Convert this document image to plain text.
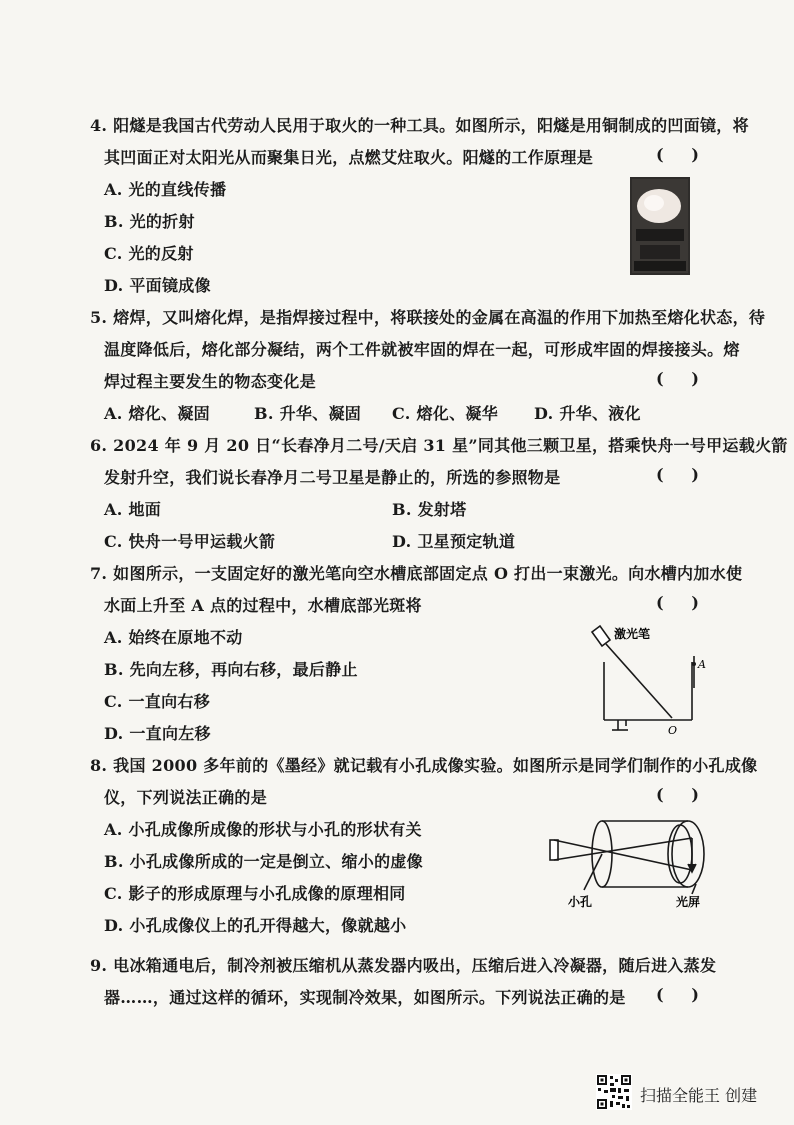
4. 阳燧是我国古代劳动人民用于取火的一种工具。如图所示，阳燧是用铜制成的凹面镜，将
其凹面正对太阳光从而聚集日光，点燃艾炷取火。阳燧的工作原理是	(     )
A. 光的直线传播
B. 光的折射
C. 光的反射
D. 平面镜成像
5. 熔焊，又叫熔化焊，是指焊接过程中，将联接处的金属在高温的作用下加热至熔化状态，待
温度降低后，熔化部分凝结，两个工件就被牢固的焊在一起，可形成牢固的焊接接头。熔
焊过程主要发生的物态变化是	(     )
A. 熔化、凝固	B. 升华、凝固 C. 熔化、凝华 D. 升华、液化
6. 2024 年 9 月 20 日“长春净月二号/天启 31 星”同其他三颗卫星，搭乘快舟一号甲运载火箭
发射升空，我们说长春净月二号卫星是静止的，所选的参照物是	(     )
A. 地面	B. 发射塔
C. 快舟一号甲运载火箭	D. 卫星预定轨道
7. 如图所示，一支固定好的激光笔向空水槽底部固定点 O 打出一束激光。向水槽内加水使
水面上升至 A 点的过程中，水槽底部光斑将	(     )
A. 始终在原地不动
B. 先向左移，再向右移，最后静止
C. 一直向右移
D. 一直向左移
A
O
激光笔
8. 我国 2000 多年前的《墨经》就记载有小孔成像实验。如图所示是同学们制作的小孔成像
仪，下列说法正确的是	(     )
A. 小孔成像所成像的形状与小孔的形状有关
B. 小孔成像所成的一定是倒立、缩小的虚像
C. 影子的形成原理与小孔成像的原理相同
D. 小孔成像仪上的孔开得越大，像就越小
小孔	光屏
9. 电冰箱通电后，制冷剂被压缩机从蒸发器内吸出，压缩后进入冷凝器，随后进入蒸发
器……，通过这样的循环，实现制冷效果，如图所示。下列说法正确的是 (     )
扫描全能王 创建
